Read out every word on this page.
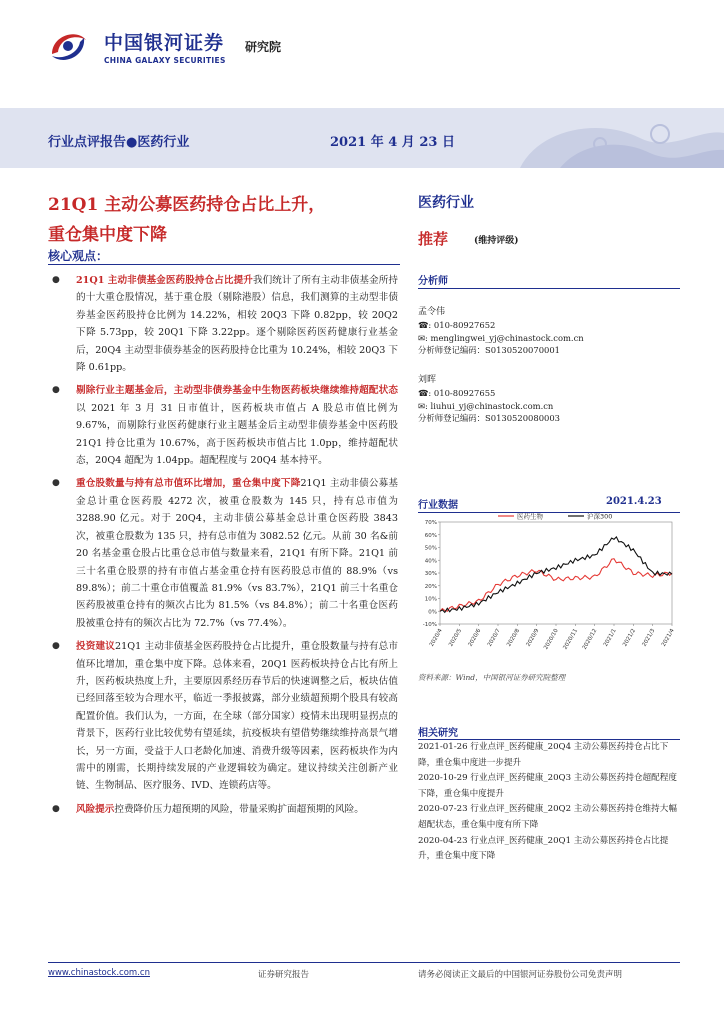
中国银河证券
CHINA GALAXY SECURITIES
研究院
行业点评报告●医药行业	2021 年 4 月 23 日
21Q1 主动公募医药持仓占比上升，
重仓集中度下降
核心观点：

● 21Q1 主动非债基金医药股持仓占比提升我们统计了所有主动非债基金所持的十大重仓股情况，基于重仓股（剔除港股）信息，我们测算的主动型非债券基金医药股持仓比例为 14.22%，相较 20Q3 下降 0.82pp，较 20Q2 下降 5.73pp，较 20Q1 下降 3.22pp。逐个剔除医药医药健康行业基金后，20Q4 主动型非债券基金的医药股持仓比重为 10.24%，相较 20Q3 下降 0.61pp。

● 剔除行业主题基金后，主动型非债券基金中生物医药板块继续维持超配状态以 2021 年 3 月 31 日市值计，医药板块市值占 A 股总市值比例为 9.67%，而剔除行业医药健康行业主题基金后主动型非债券基金中医药股 21Q1 持仓比重为 10.67%，高于医药板块市值占比 1.0pp，维持超配状态，20Q4 超配为 1.04pp。超配程度与 20Q4 基本持平。

● 重仓股数量与持有总市值环比增加，重仓集中度下降21Q1 主动非债公募基金总计重仓医药股 4272 次，被重仓股数为 145 只，持有总市值为 3288.90 亿元。对于 20Q4，主动非债公募基金总计重仓医药股 3843 次，被重仓股数为 135 只，持有总市值为 3082.52 亿元。从前 30 名&前 20 名基金重仓股占比重仓总市值与数量来看，21Q1 有所下降。21Q1 前三十名重仓股票的持有市值占基金重仓持有医药股总市值的 88.9%（vs 89.8%）；前二十重仓市值覆盖 81.9%（vs 83.7%），21Q1 前三十名重仓医药股被重仓持有的频次占比为 81.5%（vs 84.8%）；前二十名重仓医药股被重仓持有的频次占比为 72.7%（vs 77.4%）。

● 投资建议21Q1 主动非债基金医药股持仓占比提升，重仓股数量与持有总市值环比增加，重仓集中度下降。总体来看，20Q1 医药板块持仓占比有所上升，医药板块热度上升，主要原因系经历春节后的快速调整之后，板块估值已经回落至较为合理水平，临近一季报披露，部分业绩超预期个股具有较高配置价值。我们认为，一方面，在全球（部分国家）疫情未出现明显拐点的背景下，医药行业比较优势有望延续，抗疫板块有望借势继续维持高景气增长，另一方面，受益于人口老龄化加速、消费升级等因素，医药板块作为内需中的刚需，长期持续发展的产业逻辑较为确定。建议持续关注创新产业链、生物制品、医疗服务、IVD、连锁药店等。

● 风险提示控费降价压力超预期的风险，带量采购扩面超预期的风险。

医药行业
推荐	(维持评级)
分析师
孟令伟
☎: 010-80927652
✉: menglingwei_yj@chinastock.com.cn
分析师登记编码：S0130520070001
刘晖
☎: 010-80927655
✉: liuhui_yj@chinastock.com.cn
分析师登记编码：S0130520080003
行业数据	2021.4.23
-10%
0%
10%
20%
30%
40%
50%
60%
70%
2020/4 2020/5 2020/6 2020/7 2020/8 2020/9 2020/10 2020/11 2020/12 2021/1 2021/2 2021/3 2021/4
医药生物	沪深300
资料来源：Wind，中国银河证券研究院整理
相关研究
2021-01-26 行业点评_医药健康_20Q4 主动公募医药持仓占比下降，重仓集中度进一步提升
2020-10-29 行业点评_医药健康_20Q3 主动公募医药持仓超配程度下降，重仓集中度提升
2020-07-23 行业点评_医药健康_20Q2 主动公募医药持仓维持大幅超配状态，重仓集中度有所下降
2020-04-23 行业点评_医药健康_20Q1 主动公募医药持仓占比提升，重仓集中度下降
www.chinastock.com.cn	证券研究报告	请务必阅读正文最后的中国银河证券股份公司免责声明
